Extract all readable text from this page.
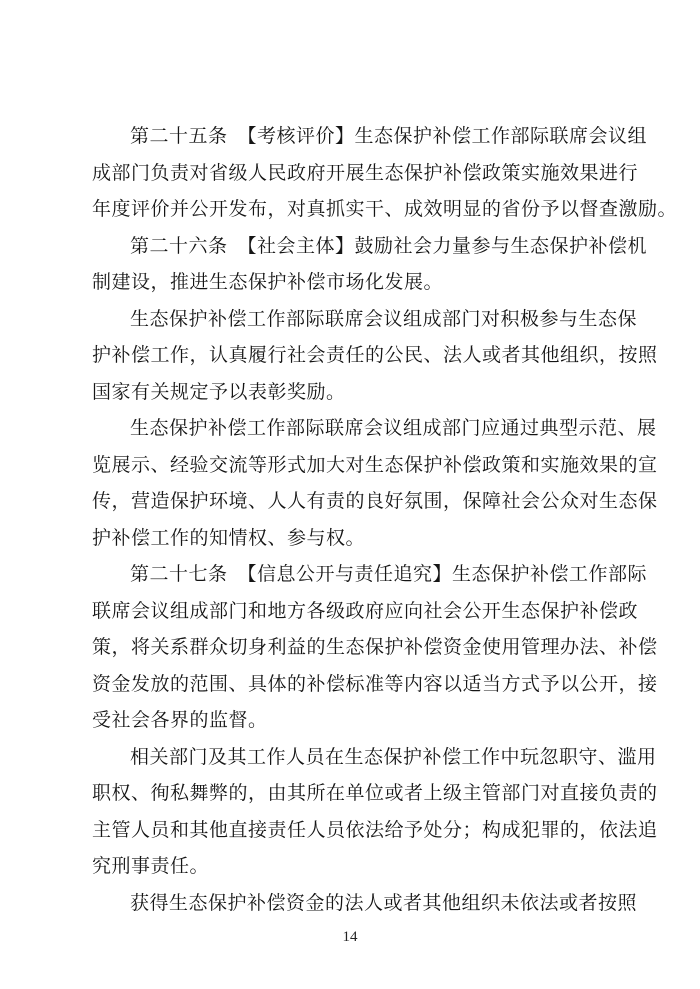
第二十五条　【考核评价】生态保护补偿工作部际联席会议组
成部门负责对省级人民政府开展生态保护补偿政策实施效果进行
年度评价并公开发布，对真抓实干、成效明显的省份予以督查激励。
第二十六条　【社会主体】鼓励社会力量参与生态保护补偿机
制建设，推进生态保护补偿市场化发展。
生态保护补偿工作部际联席会议组成部门对积极参与生态保
护补偿工作，认真履行社会责任的公民、法人或者其他组织，按照
国家有关规定予以表彰奖励。
生态保护补偿工作部际联席会议组成部门应通过典型示范、展
览展示、经验交流等形式加大对生态保护补偿政策和实施效果的宣
传，营造保护环境、人人有责的良好氛围，保障社会公众对生态保
护补偿工作的知情权、参与权。
第二十七条　【信息公开与责任追究】生态保护补偿工作部际
联席会议组成部门和地方各级政府应向社会公开生态保护补偿政
策，将关系群众切身利益的生态保护补偿资金使用管理办法、补偿
资金发放的范围、具体的补偿标准等内容以适当方式予以公开，接
受社会各界的监督。
相关部门及其工作人员在生态保护补偿工作中玩忽职守、滥用
职权、徇私舞弊的，由其所在单位或者上级主管部门对直接负责的
主管人员和其他直接责任人员依法给予处分；构成犯罪的，依法追
究刑事责任。
获得生态保护补偿资金的法人或者其他组织未依法或者按照
14
